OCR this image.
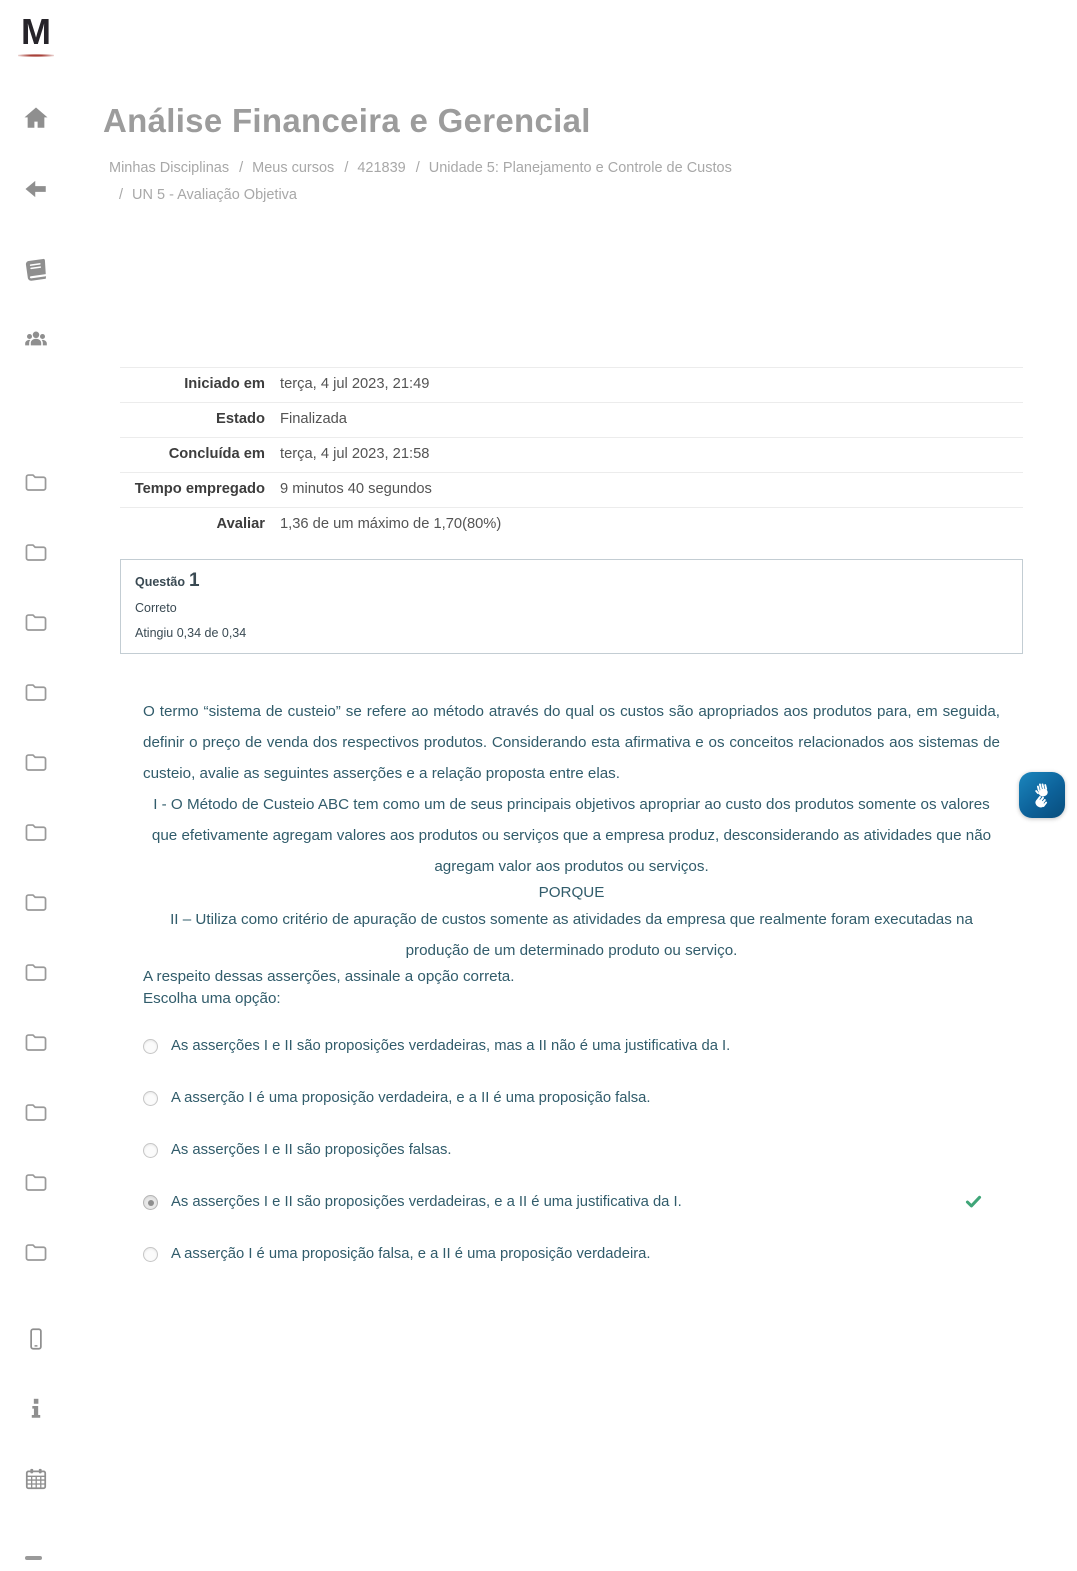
M
Análise Financeira e Gerencial
Minhas Disciplinas / Meus cursos / 421839 / Unidade 5: Planejamento e Controle de Custos/ UN 5 - Avaliação Objetiva
Iniciado em	terça, 4 jul 2023, 21:49
Estado	Finalizada
Concluída em	terça, 4 jul 2023, 21:58
Tempo empregado	9 minutos 40 segundos
Avaliar	1,36 de um máximo de 1,70(80%)
Questão 1
Correto
Atingiu 0,34 de 0,34

O termo “sistema de custeio” se refere ao método através do qual os custos são apropriados aos produtos para, em seguida, definir o preço de venda dos respectivos produtos. Considerando esta afirmativa e os conceitos relacionados aos sistemas de custeio, avalie as seguintes asserções e a relação proposta entre elas.

I - O Método de Custeio ABC tem como um de seus principais objetivos apropriar ao custo dos produtos somente os valores que efetivamente agregam valores aos produtos ou serviços que a empresa produz, desconsiderando as atividades que não agregam valor aos produtos ou serviços.

PORQUE

II – Utiliza como critério de apuração de custos somente as atividades da empresa que realmente foram executadas na produção de um determinado produto ou serviço.

A respeito dessas asserções, assinale a opção correta.

Escolha uma opção:

As asserções I e II são proposições verdadeiras, mas a II não é uma justificativa da I.
A asserção I é uma proposição verdadeira, e a II é uma proposição falsa.
As asserções I e II são proposições falsas.
As asserções I e II são proposições verdadeiras, e a II é uma justificativa da I.
A asserção I é uma proposição falsa, e a II é uma proposição verdadeira.
